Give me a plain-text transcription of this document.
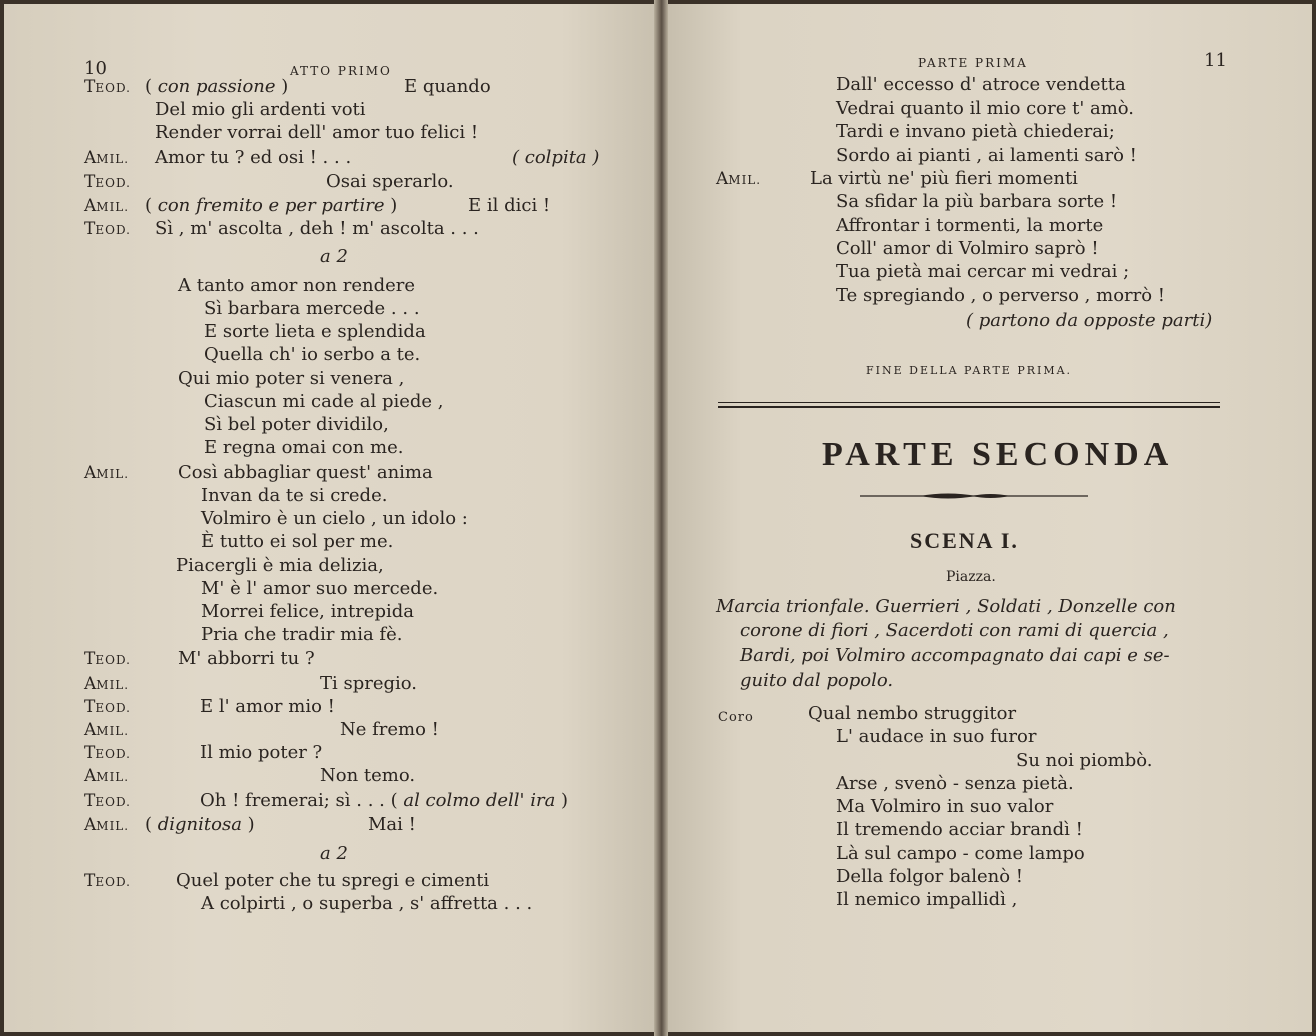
10	ATTO PRIMO
TEOD. ( con passione )	E quando
Del mio gli ardenti voti
Render vorrai dell' amor tuo felici !
AMIL. Amor tu ? ed osi ! . . .	( colpita )
TEOD.	Osai sperarlo.
AMIL. ( con fremito e per partire )	E il dici !
TEOD. Sì , m' ascolta , deh ! m' ascolta . . .
a 2
A tanto amor non rendere
Sì barbara mercede . . .
E sorte lieta e splendida
Quella ch' io serbo a te.
Qui mio poter si venera ,
Ciascun mi cade al piede ,
Sì bel poter dividilo,
E regna omai con me.
AMIL.	Così abbagliar quest' anima
Invan da te si crede.
Volmiro è un cielo , un idolo :
È tutto ei sol per me.
Piacergli è mia delizia,
M' è l' amor suo mercede.
Morrei felice, intrepida
Pria che tradir mia fè.
TEOD.	M' abborri tu ?
AMIL.	Ti spregio.
TEOD.	E l' amor mio !
AMIL.	Ne fremo !
TEOD.	Il mio poter ?
AMIL.	Non temo.
TEOD.	Oh ! fremerai; sì . . . ( al colmo dell' ira )
AMIL. ( dignitosa )	Mai !
a 2
TEOD.	Quel poter che tu spregi e cimenti
A colpirti , o superba , s' affretta . . .
PARTE PRIMA	11
Dall' eccesso d' atroce vendetta
Vedrai quanto il mio core t' amò.
Tardi e invano pietà chiederai;
Sordo ai pianti , ai lamenti sarò !
AMIL.	La virtù ne' più fieri momenti
Sa sfidar la più barbara sorte !
Affrontar i tormenti, la morte
Coll' amor di Volmiro saprò !
Tua pietà mai cercar mi vedrai ;
Te spregiando , o perverso , morrò !
( partono da opposte parti)
FINE DELLA PARTE PRIMA.
PARTE SECONDA
SCENA I.
Piazza.
Marcia trionfale. Guerrieri , Soldati , Donzelle con
corone di fiori , Sacerdoti con rami di quercia ,
Bardi, poi Volmiro accompagnato dai capi e se-
guito dal popolo.
Coro	Qual nembo struggitor
L' audace in suo furor
Su noi piombò.
Arse , svenò - senza pietà.
Ma Volmiro in suo valor
Il tremendo acciar brandì !
Là sul campo - come lampo
Della folgor balenò !
Il nemico impallidì ,
